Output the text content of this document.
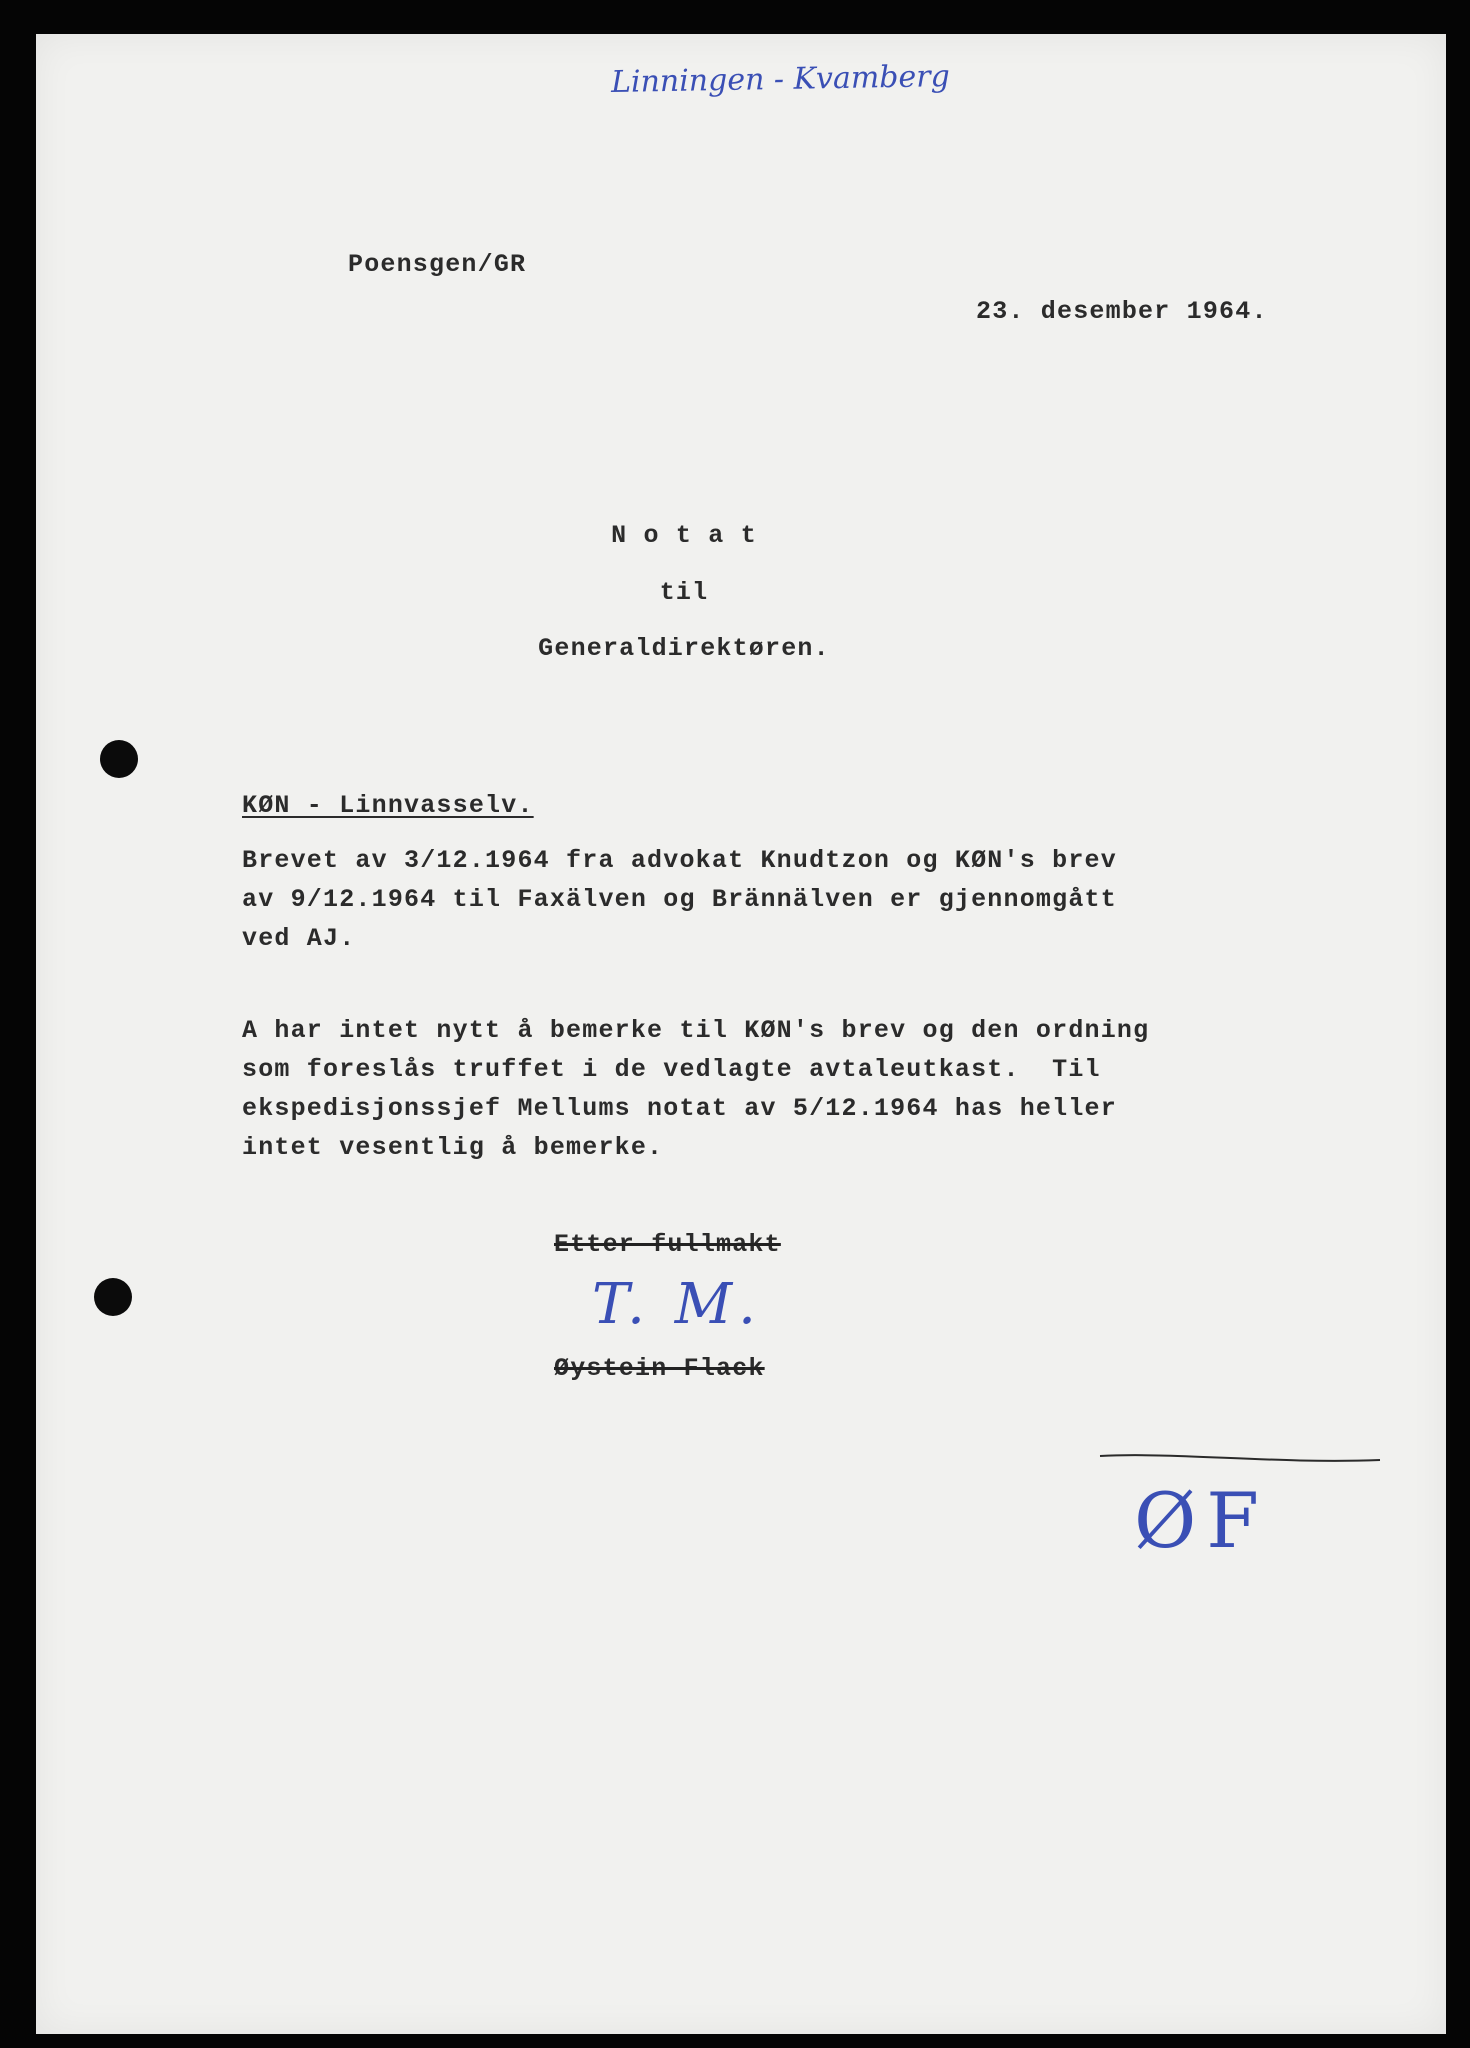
Linningen - Kvamberg
Poensgen/GR
23. desember 1964.
N o t a t
til
Generaldirektøren.
KØN - Linnvasselv.
Brevet av 3/12.1964 fra advokat Knudtzon og KØN's brev
av 9/12.1964 til Faxälven og Brännälven er gjennomgått
ved AJ.
A har intet nytt å bemerke til KØN's brev og den ordning
som foreslås truffet i de vedlagte avtaleutkast.  Til
ekspedisjonssjef Mellums notat av 5/12.1964 has heller
intet vesentlig å bemerke.
Etter fullmakt
T. M.
Øystein Flack
ØF
